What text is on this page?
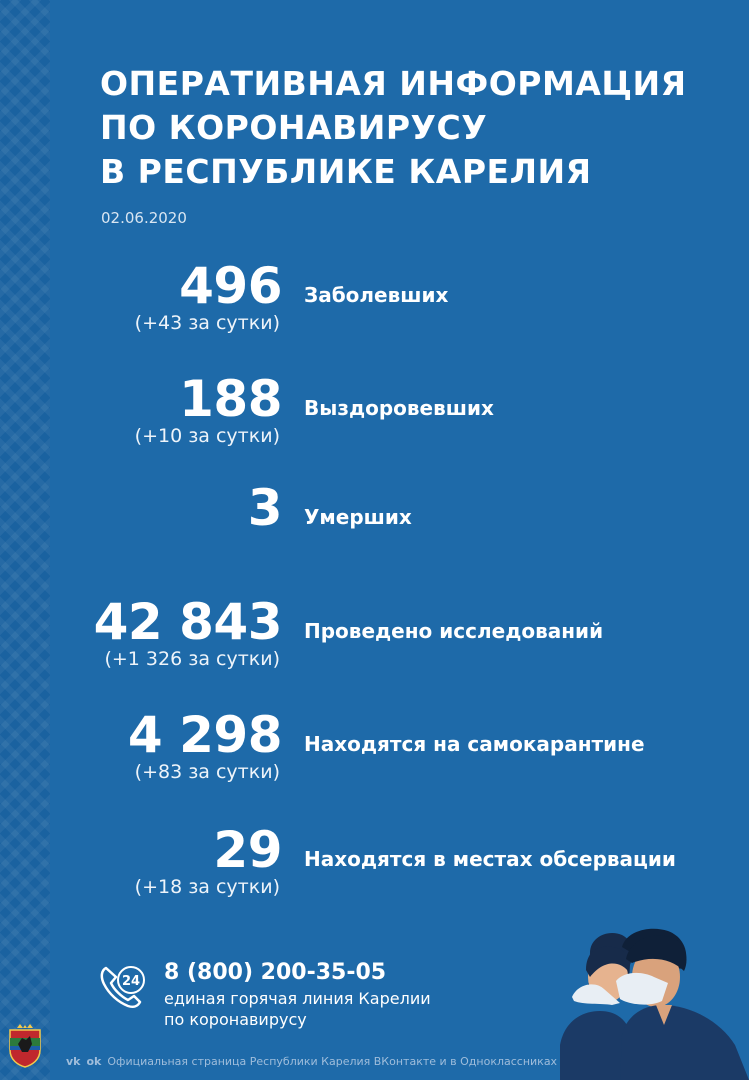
ОПЕРАТИВНАЯ ИНФОРМАЦИЯ
ПО КОРОНАВИРУСУ
В РЕСПУБЛИКЕ КАРЕЛИЯ
02.06.2020
496
(+43 за сутки)
Заболевших
188
(+10 за сутки)
Выздоровевших
3 Умерших
42 843
(+1 326 за сутки)
Проведено исследований
4 298
(+83 за сутки)
Находятся на самокарантине
29
(+18 за сутки)
Находятся в местах обсервации
24 8 (800) 200-35-05
единая горячая линия Карелии
по коронавирусу
vk ok Официальная страница Республики Карелия ВКонтакте и в Одноклассниках
